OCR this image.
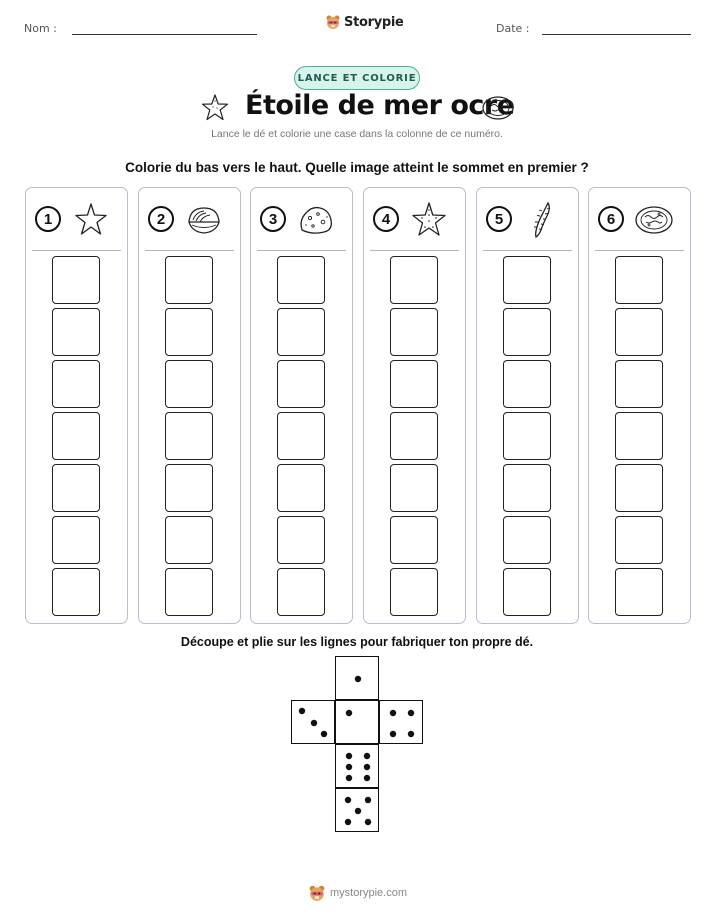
Nom :	Storypie	Date :
LANCE ET COLORIE
Étoile de mer ocre
Lance le dé et colorie une case dans la colonne de ce numéro.
Colorie du bas vers le haut. Quelle image atteint le sommet en premier ?
1	2	3	4	5	6
Découpe et plie sur les lignes pour fabriquer ton propre dé.
mystorypie.com
